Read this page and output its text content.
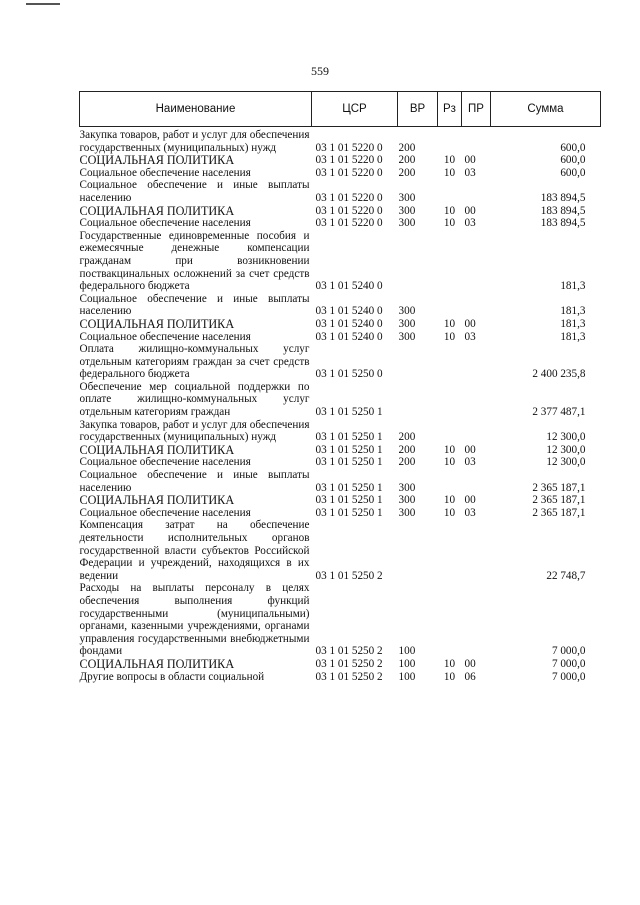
559
Наименование	ЦСР	ВР	Рз	ПР	Сумма
Закупка товаров, работ и услуг для обеспечения государственных (муниципальных) нужд	03 1 01 5220 0	200			600,0
СОЦИАЛЬНАЯ ПОЛИТИКА	03 1 01 5220 0	200	10	00	600,0
Социальное обеспечение населения	03 1 01 5220 0	200	10	03	600,0
Социальное обеспечение и иные выплаты населению	03 1 01 5220 0	300			183 894,5
СОЦИАЛЬНАЯ ПОЛИТИКА	03 1 01 5220 0	300	10	00	183 894,5
Социальное обеспечение населения	03 1 01 5220 0	300	10	03	183 894,5
Государственные единовременные пособия и ежемесячные денежные компенсации гражданам при возникновении поствакцинальных осложнений за счет средств федерального бюджета	03 1 01 5240 0				181,3
Социальное обеспечение и иные выплаты населению	03 1 01 5240 0	300			181,3
СОЦИАЛЬНАЯ ПОЛИТИКА	03 1 01 5240 0	300	10	00	181,3
Социальное обеспечение населения	03 1 01 5240 0	300	10	03	181,3
Оплата жилищно-коммунальных услуг отдельным категориям граждан за счет средств федерального бюджета	03 1 01 5250 0				2 400 235,8
Обеспечение мер социальной поддержки по оплате жилищно-коммунальных услуг отдельным категориям граждан	03 1 01 5250 1				2 377 487,1
Закупка товаров, работ и услуг для обеспечения государственных (муниципальных) нужд	03 1 01 5250 1	200			12 300,0
СОЦИАЛЬНАЯ ПОЛИТИКА	03 1 01 5250 1	200	10	00	12 300,0
Социальное обеспечение населения	03 1 01 5250 1	200	10	03	12 300,0
Социальное обеспечение и иные выплаты населению	03 1 01 5250 1	300			2 365 187,1
СОЦИАЛЬНАЯ ПОЛИТИКА	03 1 01 5250 1	300	10	00	2 365 187,1
Социальное обеспечение населения	03 1 01 5250 1	300	10	03	2 365 187,1
Компенсация затрат на обеспечение деятельности исполнительных органов государственной власти субъектов Российской Федерации и учреждений, находящихся в их ведении	03 1 01 5250 2				22 748,7
Расходы на выплаты персоналу в целях обеспечения выполнения функций государственными (муниципальными) органами, казенными учреждениями, органами управления государственными внебюджетными фондами	03 1 01 5250 2	100			7 000,0
СОЦИАЛЬНАЯ ПОЛИТИКА	03 1 01 5250 2	100	10	00	7 000,0
Другие вопросы в области социальной	03 1 01 5250 2	100	10	06	7 000,0
